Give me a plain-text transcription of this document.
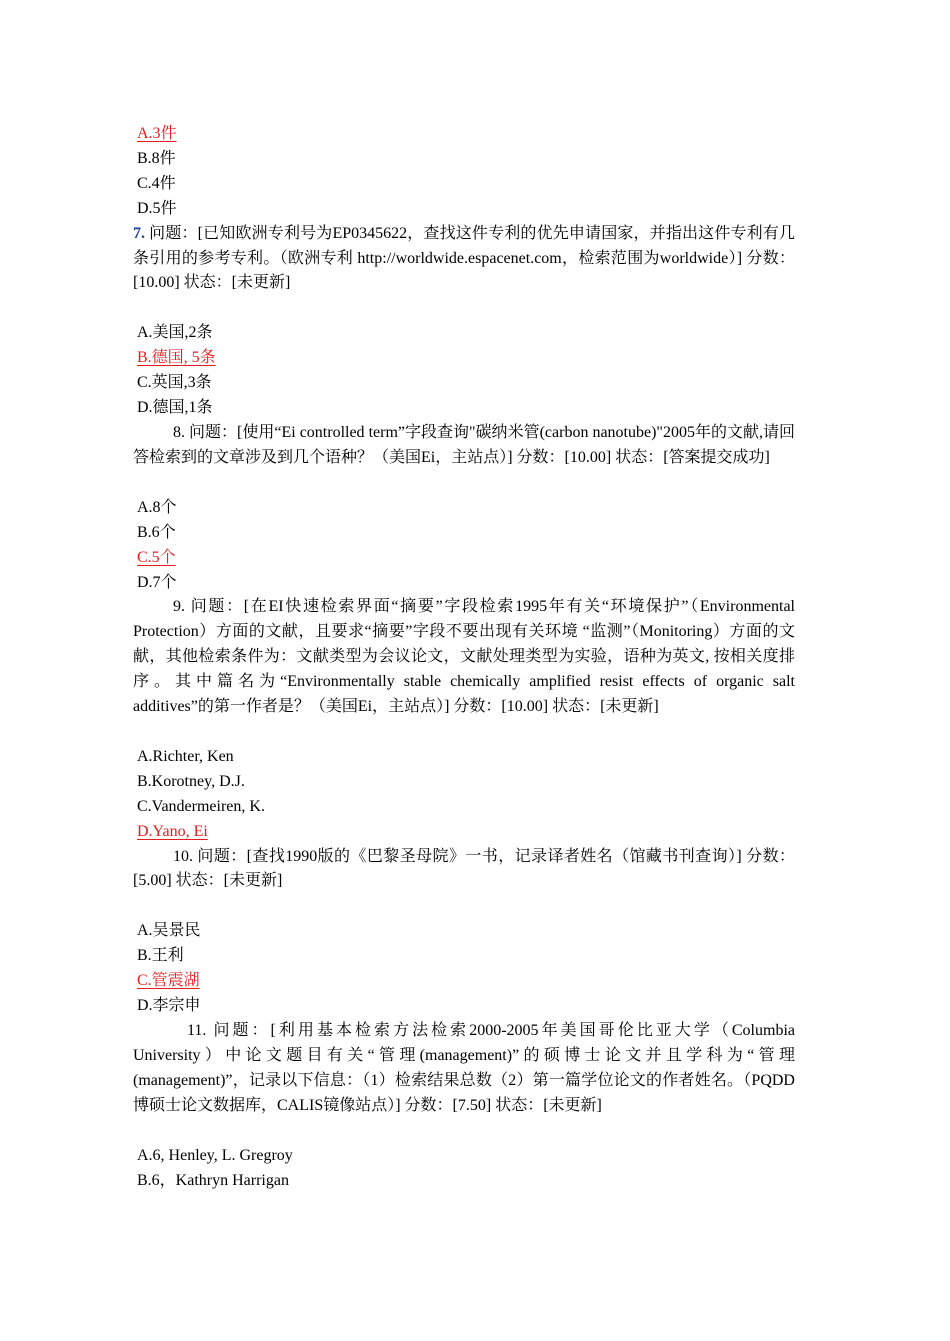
A.3件
B.8件
C.4件
D.5件
7. 问题：[已知欧洲专利号为EP0345622，查找这件专利的优先申请国家，并指出这件专利有几条引用的参考专利。（欧洲专利 http://worldwide.espacenet.com，检索范围为worldwide）] 分数：[10.00] 状态：[未更新]
A.美国,2条
B.德国, 5条
C.英国,3条
D.德国,1条
8. 问题：[使用“Ei controlled term”字段查询"碳纳米管(carbon nanotube)"2005年的文献,请回答检索到的文章涉及到几个语种？（美国Ei，主站点）] 分数：[10.00] 状态：[答案提交成功]
A.8个
B.6个
C.5个
D.7个
9. 问题：[在EI快速检索界面“摘要”字段检索1995年有关“环境保护”（Environmental Protection）方面的文献，且要求“摘要”字段不要出现有关环境 “监测”（Monitoring）方面的文献，其他检索条件为：文献类型为会议论文，文献处理类型为实验，语种为英文, 按相关度排序。其中篇名为“Environmentally stable chemically amplified resist effects of organic salt additives”的第一作者是？（美国Ei，主站点）] 分数：[10.00] 状态：[未更新]
A.Richter, Ken
B.Korotney, D.J.
C.Vandermeiren, K.
D.Yano, Ei
10. 问题：[查找1990版的《巴黎圣母院》一书，记录译者姓名（馆藏书刊查询）] 分数：[5.00] 状态：[未更新]
A.吴景民
B.王利
C.管震湖
D.李宗申
11. 问题：[利用基本检索方法检索2000-2005年美国哥伦比亚大学（Columbia University）中论文题目有关“管理(management)”的硕博士论文并且学科为“管理(management)”，记录以下信息：（1）检索结果总数（2）第一篇学位论文的作者姓名。（PQDD博硕士论文数据库，CALIS镜像站点）] 分数：[7.50] 状态：[未更新]
A.6, Henley, L. Gregroy
B.6，Kathryn Harrigan
